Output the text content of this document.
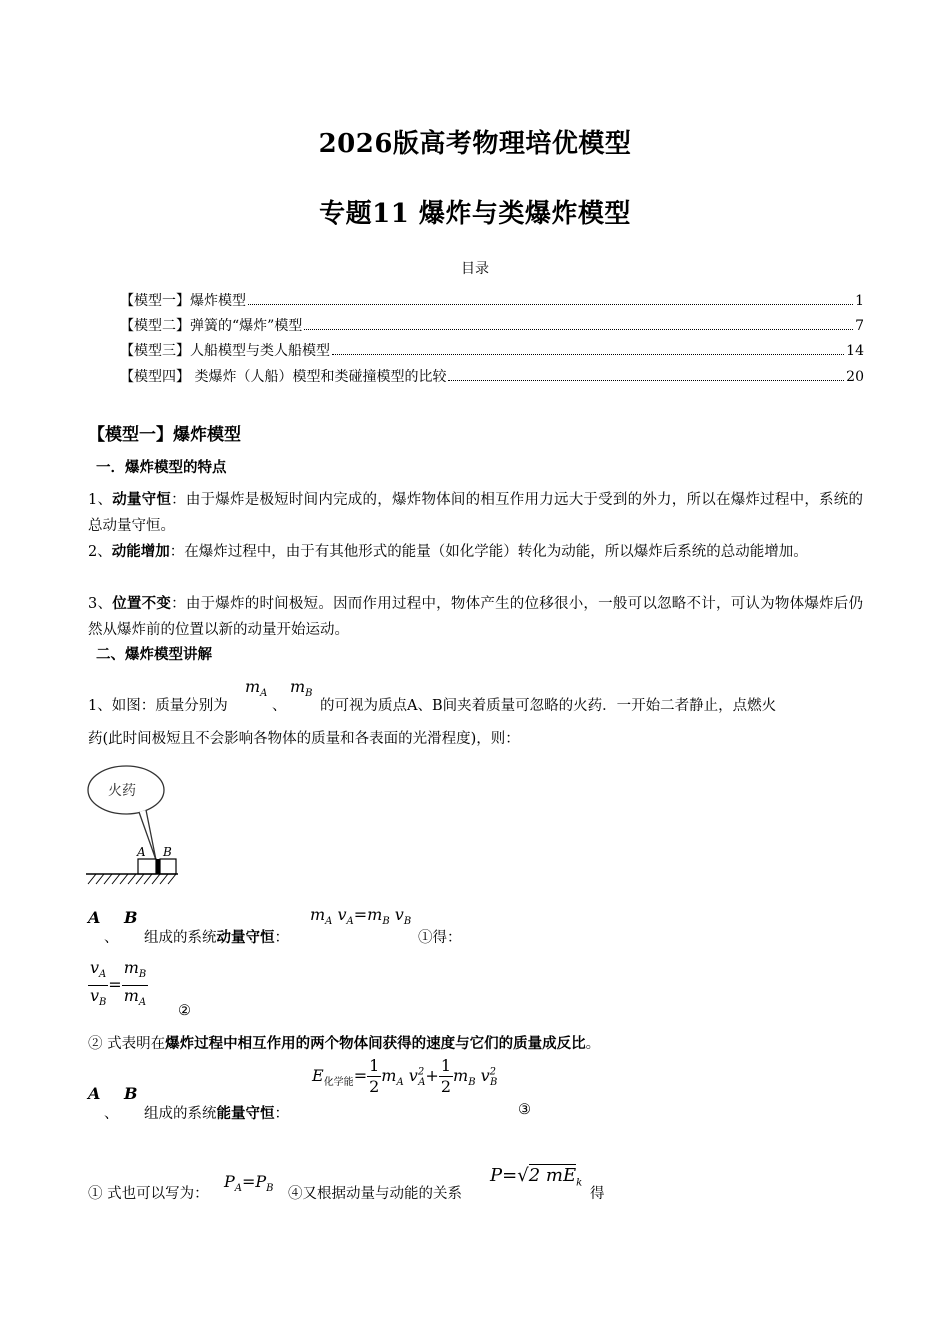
2026版高考物理培优模型
专题11 爆炸与类爆炸模型
目录
【模型一】爆炸模型	1
【模型二】弹簧的“爆炸”模型	7
【模型三】人船模型与类人船模型	14
【模型四】 类爆炸（人船）模型和类碰撞模型的比较	20
【模型一】爆炸模型
一．爆炸模型的特点
1、动量守恒：由于爆炸是极短时间内完成的，爆炸物体间的相互作用力远大于受到的外力，所以在爆炸过程中，系统的总动量守恒。
2、动能增加：在爆炸过程中，由于有其他形式的能量（如化学能）转化为动能，所以爆炸后系统的总动能增加。
3、位置不变：由于爆炸的时间极短。因而作用过程中，物体产生的位移很小，一般可以忽略不计，可认为物体爆炸后仍然从爆炸前的位置以新的动量开始运动。
二、爆炸模型讲解
1、如图：质量分别为
$m_A$
、
$m_B$
的可视为质点A、B间夹着质量可忽略的火药．一开始二者静止，点燃火
药(此时间极短且不会影响各物体的质量和各表面的光滑程度)，则：
火药
A B
A B
、 组成的系统动量守恒：
$m_A$ $v_A=m_B$ $v_B$
①得：
$\frac{v_A}{v_B} = \frac{m_B}{m_A}$ ②
② 式表明在爆炸过程中相互作用的两个物体间获得的速度与它们的质量成反比。
A B
、 组成的系统能量守恒：
$E_{化学能}= \frac{1}{2} m_A$ $v^2_A+ \frac{1}{2} m_B$ $v^2_B$
③
① 式也可以写为：
$P_A=P_B$ ④又根据动量与动能的关系
P=√2 $mE_k$
得
